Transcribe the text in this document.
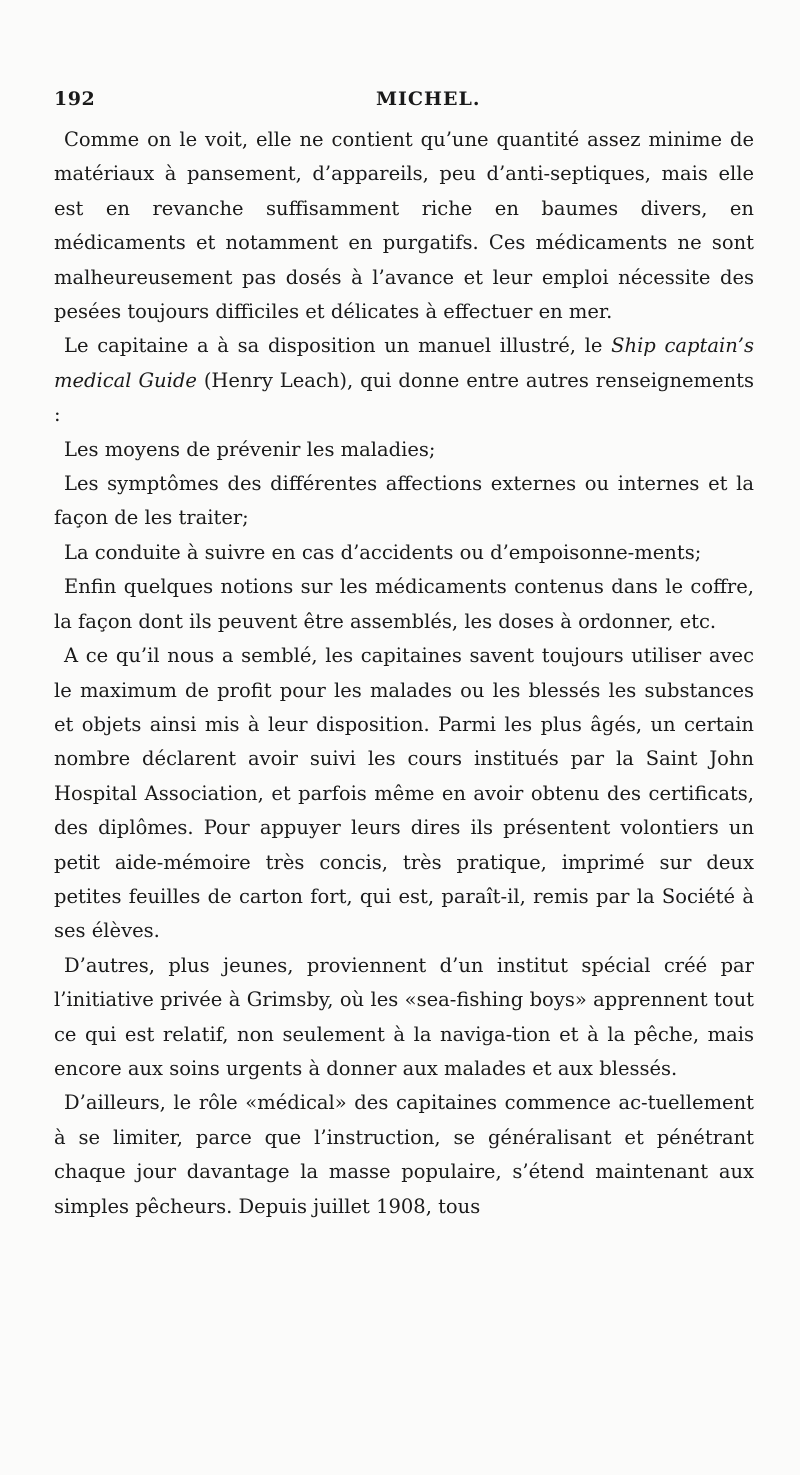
192	MICHEL.

Comme on le voit, elle ne contient qu’une quantité assez minime de matériaux à pansement, d’appareils, peu d’anti-septiques, mais elle est en revanche suffisamment riche en baumes divers, en médicaments et notamment en purgatifs. Ces médicaments ne sont malheureusement pas dosés à l’avance et leur emploi nécessite des pesées toujours difficiles et délicates à effectuer en mer.

Le capitaine a à sa disposition un manuel illustré, le Ship captain’s medical Guide (Henry Leach), qui donne entre autres renseignements :

Les moyens de prévenir les maladies;

Les symptômes des différentes affections externes ou internes et la façon de les traiter;

La conduite à suivre en cas d’accidents ou d’empoisonne-ments;

Enfin quelques notions sur les médicaments contenus dans le coffre, la façon dont ils peuvent être assemblés, les doses à ordonner, etc.

A ce qu’il nous a semblé, les capitaines savent toujours utiliser avec le maximum de profit pour les malades ou les blessés les substances et objets ainsi mis à leur disposition. Parmi les plus âgés, un certain nombre déclarent avoir suivi les cours institués par la Saint John Hospital Association, et parfois même en avoir obtenu des certificats, des diplômes. Pour appuyer leurs dires ils présentent volontiers un petit aide-mémoire très concis, très pratique, imprimé sur deux petites feuilles de carton fort, qui est, paraît-il, remis par la Société à ses élèves.

D’autres, plus jeunes, proviennent d’un institut spécial créé par l’initiative privée à Grimsby, où les «sea-fishing boys» apprennent tout ce qui est relatif, non seulement à la naviga-tion et à la pêche, mais encore aux soins urgents à donner aux malades et aux blessés.

D’ailleurs, le rôle «médical» des capitaines commence ac-tuellement à se limiter, parce que l’instruction, se généralisant et pénétrant chaque jour davantage la masse populaire, s’étend maintenant aux simples pêcheurs. Depuis juillet 1908, tous
